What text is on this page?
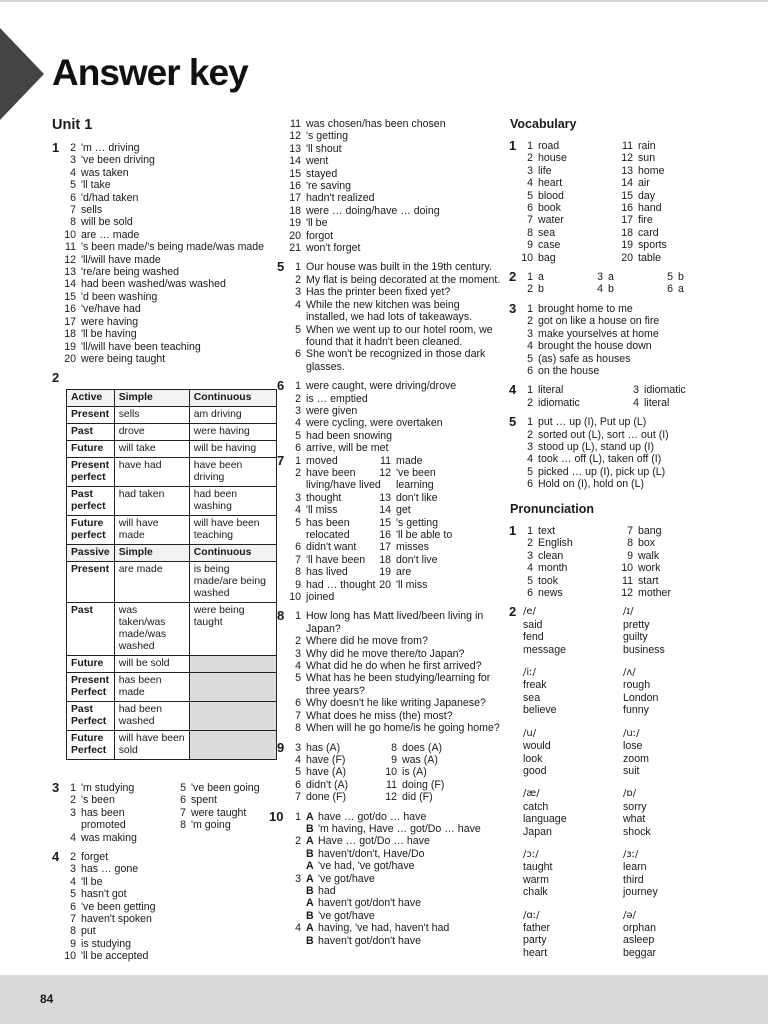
Answer key
Unit 1
1	2 'm … driving
3 've been driving
4 was taken
5 'll take
6 'd/had taken
7 sells
8 will be sold
10 are … made
11 's been made/'s being made/was made
12 'll/will have made
13 're/are being washed
14 had been washed/was washed
15 'd been washing
16 've/have had
17 were having
18 'll be having
19 'll/will have been teaching
20 were being taught
2
Active	Simple	Continuous
Present	sells	am driving
Past	drove	were having
Future	will take	will be having
Present perfect	have had	have been driving
Past perfect	had taken	had been washing
Future perfect	will have made	will have been teaching
Passive	Simple	Continuous
Present	are made	is being made/are being washed
Past	was taken/was made/was washed	were being taught
Future	will be sold	
Present Perfect	has been made	
Past Perfect	had been washed	
Future Perfect	will have been sold	
3	1 'm studying
2 's been
3 has been
promoted
4 was making
5 've been going
6 spent
7 were taught
8 'm going
4	2 forget
3 has … gone
4 'll be
5 hasn't got
6 've been getting
7 haven't spoken
8 put
9 is studying
10 'll be accepted
11 was chosen/has been chosen
12 's getting
13 'll shout
14 went
15 stayed
16 're saving
17 hadn't realized
18 were … doing/have … doing
19 'll be
20 forgot
21 won't forget
5	1 Our house was built in the 19th century.
2 My flat is being decorated at the moment.
3 Has the printer been fixed yet?
4 While the new kitchen was being
installed, we had lots of takeaways.
5 When we went up to our hotel room, we
found that it hadn't been cleaned.
6 She won't be recognized in those dark
glasses.
6	1 were caught, were driving/drove
2 is … emptied
3 were given
4 were cycling, were overtaken
5 had been snowing
6 arrive, will be met
7	1 moved
2 have been
living/have lived
3 thought
4 'll miss
5 has been
relocated
6 didn't want
7 'll have been
8 has lived
9 had … thought
10 joined
11 made
12 've been
learning
13 don't like
14 get
15 's getting
16 'll be able to
17 misses
18 don't live
19 are
20 'll miss
8	1 How long has Matt lived/been living in
Japan?
2 Where did he move from?
3 Why did he move there/to Japan?
4 What did he do when he first arrived?
5 What has he been studying/learning for
three years?
6 Why doesn't he like writing Japanese?
7 What does he miss (the) most?
8 When will he go home/is he going home?
9	3 has (A)
4 have (F)
5 have (A)
6 didn't (A)
7 done (F)
8 does (A)
9 was (A)
10 is (A)
11 doing (F)
12 did (F)
10	1 A have … got/do … have
B 'm having, Have … got/Do … have
2 A Have … got/Do … have
B haven't/don't, Have/Do
A 've had, 've got/have
3 A 've got/have
B had
A haven't got/don't have
B 've got/have
4 A having, 've had, haven't had
B haven't got/don't have
Vocabulary
1	1 road
2 house
3 life
4 heart
5 blood
6 book
7 water
8 sea
9 case
10 bag
11 rain
12 sun
13 home
14 air
15 day
16 hand
17 fire
18 card
19 sports
20 table
2	1 a	3 a	5 b
2 b	4 b	6 a
3	1 brought home to me
2 got on like a house on fire
3 make yourselves at home
4 brought the house down
5 (as) safe as houses
6 on the house
4	1 literal
2 idiomatic
3 idiomatic
4 literal
5	1 put … up (I), Put up (L)
2 sorted out (L), sort … out (I)
3 stood up (L), stand up (I)
4 took … off (L), taken off (I)
5 picked … up (I), pick up (L)
6 Hold on (I), hold on (L)
Pronunciation
1	1 text
2 English
3 clean
4 month
5 took
6 news
7 bang
8 box
9 walk
10 work
11 start
12 mother
2 /e/
said
fend
message
/iː/
freak
sea
believe
/u/
would
look
good
/æ/
catch
language
Japan
/ɔː/
taught
warm
chalk
/ɑː/
father
party
heart
/ɪ/
pretty
guilty
business
/ʌ/
rough
London
funny
/uː/
lose
zoom
suit
/ɒ/
sorry
what
shock
/ɜː/
learn
third
journey
/ə/
orphan
asleep
beggar
84
